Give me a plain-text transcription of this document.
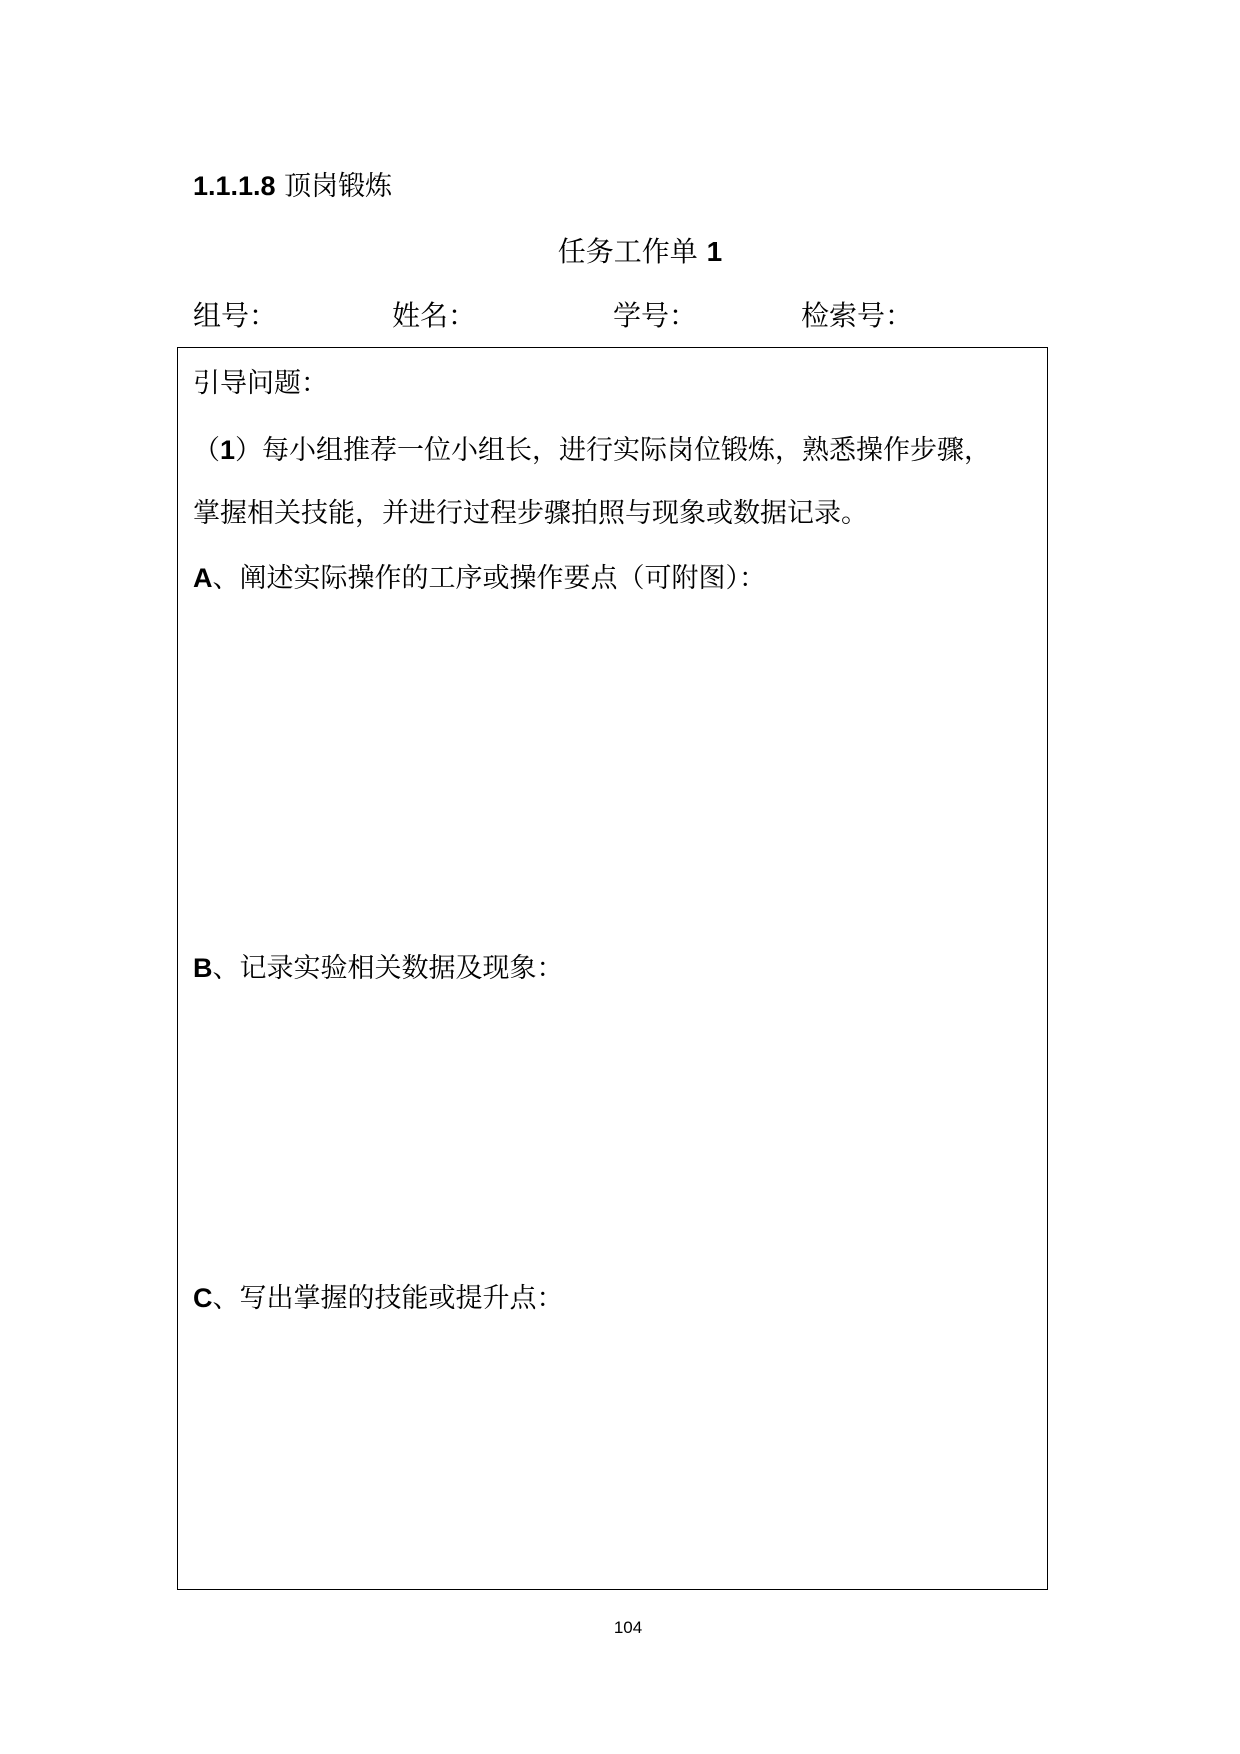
1.1.1.8 顶岗锻炼
任务工作单 1
组号：	姓名：	学号：	检索号：
引导问题：
（1）每小组推荐一位小组长，进行实际岗位锻炼，熟悉操作步骤，
掌握相关技能，并进行过程步骤拍照与现象或数据记录。
A、阐述实际操作的工序或操作要点（可附图）：
B、记录实验相关数据及现象：
C、写出掌握的技能或提升点：
104
